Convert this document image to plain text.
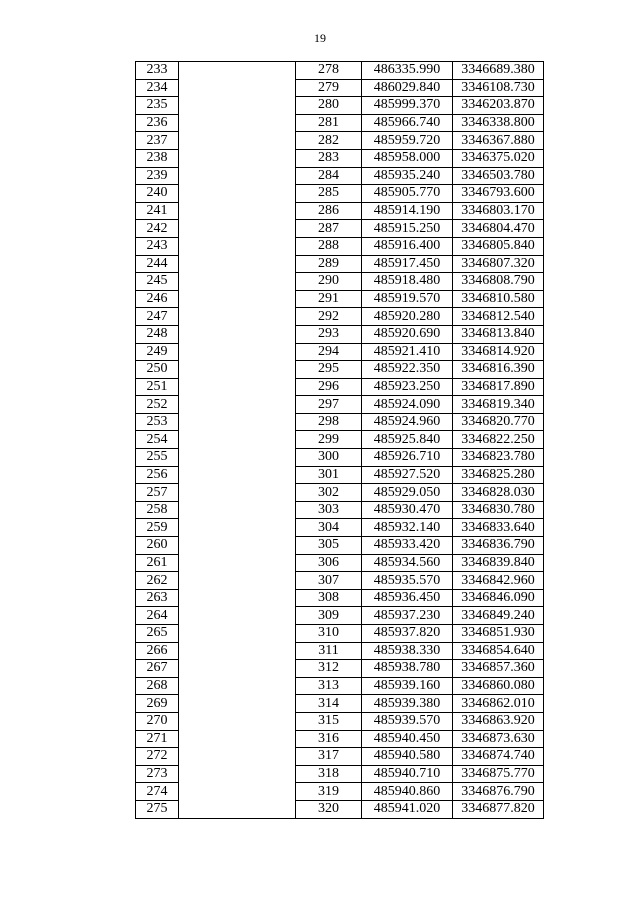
19
233		278	486335.990	3346689.380
234		279	486029.840	3346108.730
235		280	485999.370	3346203.870
236		281	485966.740	3346338.800
237		282	485959.720	3346367.880
238		283	485958.000	3346375.020
239		284	485935.240	3346503.780
240		285	485905.770	3346793.600
241		286	485914.190	3346803.170
242		287	485915.250	3346804.470
243		288	485916.400	3346805.840
244		289	485917.450	3346807.320
245		290	485918.480	3346808.790
246		291	485919.570	3346810.580
247		292	485920.280	3346812.540
248		293	485920.690	3346813.840
249		294	485921.410	3346814.920
250		295	485922.350	3346816.390
251		296	485923.250	3346817.890
252		297	485924.090	3346819.340
253		298	485924.960	3346820.770
254		299	485925.840	3346822.250
255		300	485926.710	3346823.780
256		301	485927.520	3346825.280
257		302	485929.050	3346828.030
258		303	485930.470	3346830.780
259		304	485932.140	3346833.640
260		305	485933.420	3346836.790
261		306	485934.560	3346839.840
262		307	485935.570	3346842.960
263		308	485936.450	3346846.090
264		309	485937.230	3346849.240
265		310	485937.820	3346851.930
266		311	485938.330	3346854.640
267		312	485938.780	3346857.360
268		313	485939.160	3346860.080
269		314	485939.380	3346862.010
270		315	485939.570	3346863.920
271		316	485940.450	3346873.630
272		317	485940.580	3346874.740
273		318	485940.710	3346875.770
274		319	485940.860	3346876.790
275		320	485941.020	3346877.820
